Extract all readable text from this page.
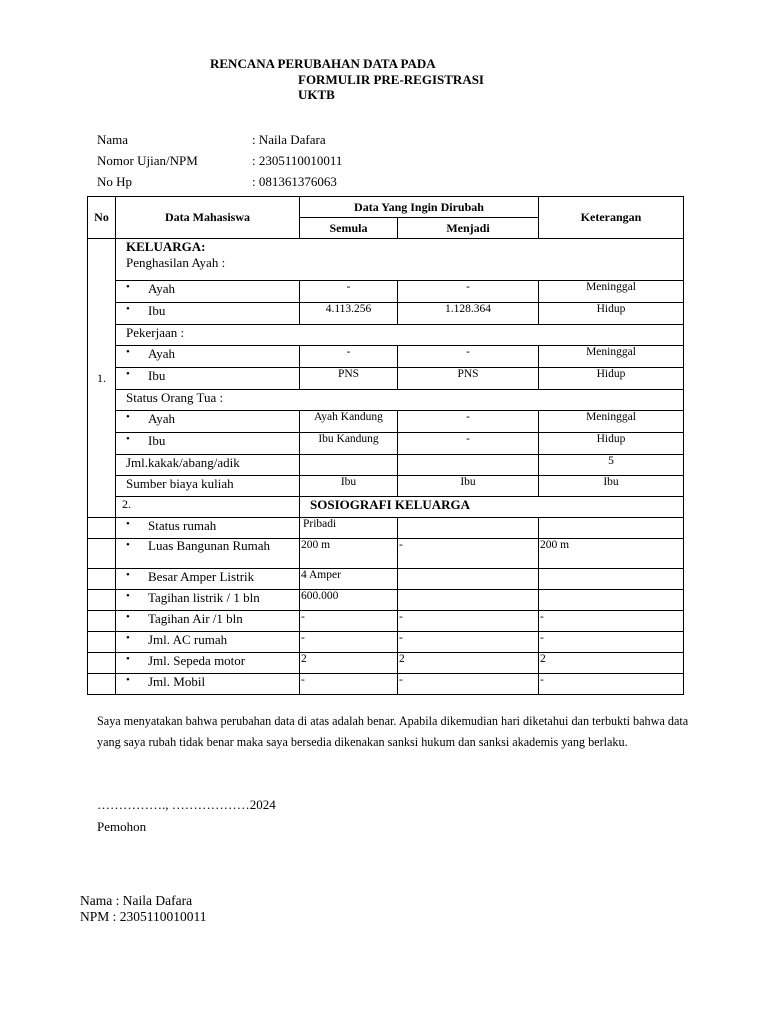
RENCANA PERUBAHAN DATA PADA
FORMULIR PRE-REGISTRASI
UKTB
Nama	: Naila Dafara
Nomor Ujian/NPM	: 2305110010011
No Hp	: 081361376063
No	Data Mahasiswa	Data Yang Ingin Dirubah		Keterangan
		Semula	Menjadi	
1.	KELUARGA:
Penghasilan Ayah :			

	• Ayah	-	-	Meninggal
	• Ibu	4.113.256	1.128.364	Hidup
	Pekerjaan :			
	• Ayah	-	-	Meninggal
	• Ibu	PNS	PNS	Hidup
	Status Orang Tua :			
	• Ayah	Ayah Kandung	-	Meninggal
	• Ibu	Ibu Kandung	-	Hidup
	Jml.kakak/abang/adik			5
	Sumber biaya kuliah	Ibu	Ibu	Ibu
	2.	SOSIOGRAFI KELUARGA		
	• Status rumah	Pribadi		
	• Luas Bangunan Rumah	200 m	-	200 m
	• Besar Amper Listrik	4 Amper		
	• Tagihan listrik / 1 bln	600.000		
	• Tagihan Air /1 bln	-	-	-
	• Jml. AC rumah	-	-	-
	• Jml. Sepeda motor	2	2	2
	• Jml. Mobil	-	-	-
Saya menyatakan bahwa perubahan data di atas adalah benar. Apabila dikemudian hari diketahui dan terbukti bahwa data yang saya rubah tidak benar maka saya bersedia dikenakan sanksi hukum dan sanksi akademis yang berlaku.
……………., ………………2024
Pemohon
Nama : Naila Dafara
NPM : 2305110010011
